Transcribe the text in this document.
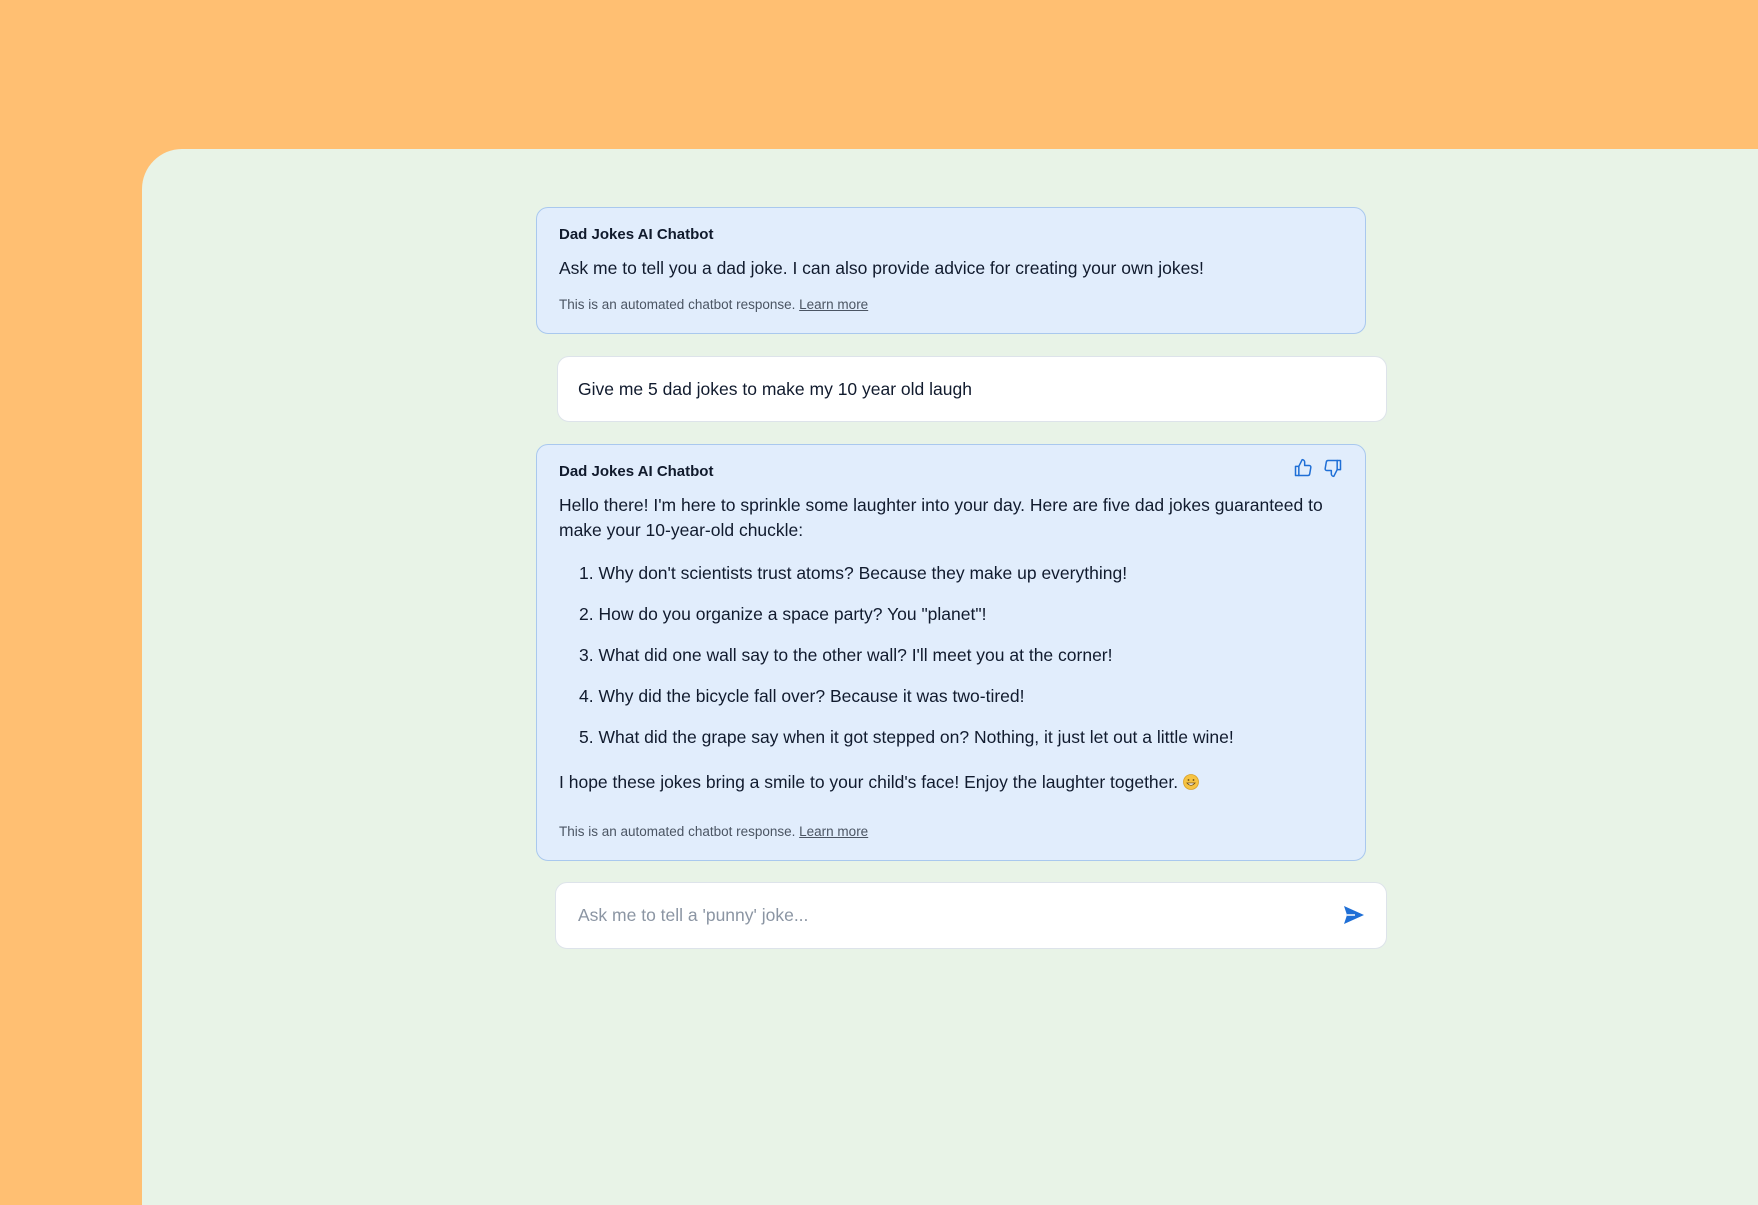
Dad Jokes AI Chatbot

Ask me to tell you a dad joke. I can also provide advice for creating your own jokes!

This is an automated chatbot response. Learn more

Give me 5 dad jokes to make my 10 year old laugh

Dad Jokes AI Chatbot

Hello there! I'm here to sprinkle some laughter into your day. Here are five dad jokes guaranteed to make your 10-year-old chuckle:

Why don't scientists trust atoms? Because they make up everything!
How do you organize a space party? You "planet"!
What did one wall say to the other wall? I'll meet you at the corner!
Why did the bicycle fall over? Because it was two-tired!
What did the grape say when it got stepped on? Nothing, it just let out a little wine!

I hope these jokes bring a smile to your child's face! Enjoy the laughter together.

This is an automated chatbot response. Learn more

Ask me to tell a 'punny' joke...
